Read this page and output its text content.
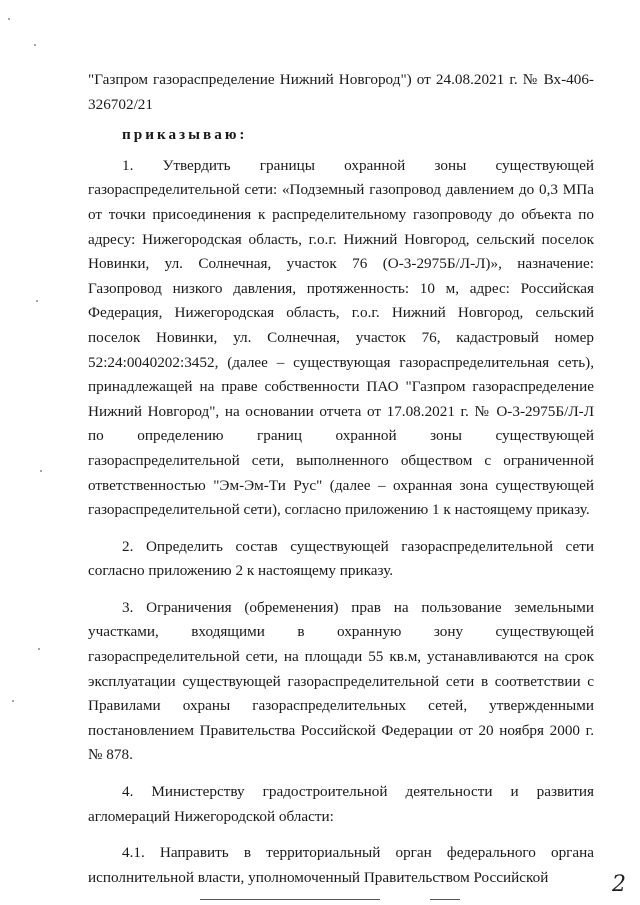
"Газпром газораспределение Нижний Новгород") от 24.08.2021 г. № Вх-406-326702/21

приказываю:

1. Утвердить границы охранной зоны существующей газораспределительной сети: «Подземный газопровод давлением до 0,3 МПа от точки присоединения к распределительному газопроводу до объекта по адресу: Нижегородская область, г.о.г. Нижний Новгород, сельский поселок Новинки, ул. Солнечная, участок 76 (О-3-2975Б/Л-Л)», назначение: Газопровод низкого давления, протяженность: 10 м, адрес: Российская Федерация, Нижегородская область, г.о.г. Нижний Новгород, сельский поселок Новинки, ул. Солнечная, участок 76, кадастровый номер 52:24:0040202:3452, (далее – существующая газораспределительная сеть), принадлежащей на праве собственности ПАО "Газпром газораспределение Нижний Новгород", на основании отчета от 17.08.2021 г. № О-3-2975Б/Л-Л по определению границ охранной зоны существующей газораспределительной сети, выполненного обществом с ограниченной ответственностью "Эм-Эм-Ти Рус" (далее – охранная зона существующей газораспределительной сети), согласно приложению 1 к настоящему приказу.

2. Определить состав существующей газораспределительной сети согласно приложению 2 к настоящему приказу.

3. Ограничения (обременения) прав на пользование земельными участками, входящими в охранную зону существующей газораспределительной сети, на площади 55 кв.м, устанавливаются на срок эксплуатации существующей газораспределительной сети в соответствии с Правилами охраны газораспределительных сетей, утвержденными постановлением Правительства Российской Федерации от 20 ноября 2000 г. № 878.

4. Министерству градостроительной деятельности и развития агломераций Нижегородской области:

4.1. Направить в территориальный орган федерального органа исполнительной власти, уполномоченный Правительством Российской	2
